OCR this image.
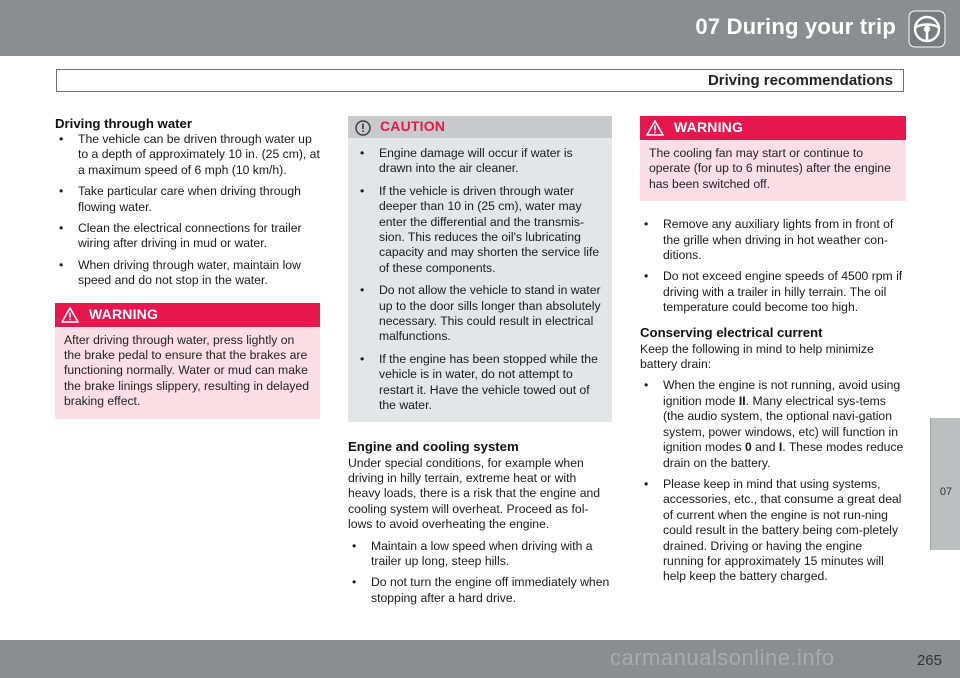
07 During your trip
Driving recommendations
Driving through water
• The vehicle can be driven through water up to a depth of approximately 10 in. (25 cm), at a maximum speed of 6 mph (10 km/h).
• Take particular care when driving through flowing water.
• Clean the electrical connections for trailer wiring after driving in mud or water.
• When driving through water, maintain low speed and do not stop in the water.
WARNING
After driving through water, press lightly on the brake pedal to ensure that the brakes are functioning normally. Water or mud can make the brake linings slippery, resulting in delayed braking effect.
CAUTION
• Engine damage will occur if water is drawn into the air cleaner.
• If the vehicle is driven through water deeper than 10 in (25 cm), water may enter the differential and the transmis-sion. This reduces the oil's lubricating capacity and may shorten the service life of these components.
• Do not allow the vehicle to stand in water up to the door sills longer than absolutely necessary. This could result in electrical malfunctions.
• If the engine has been stopped while the vehicle is in water, do not attempt to restart it. Have the vehicle towed out of the water.
Engine and cooling system

Under special conditions, for example when driving in hilly terrain, extreme heat or with heavy loads, there is a risk that the engine and cooling system will overheat. Proceed as fol-lows to avoid overheating the engine.

• Maintain a low speed when driving with a trailer up long, steep hills.
• Do not turn the engine off immediately when stopping after a hard drive.
WARNING
The cooling fan may start or continue to operate (for up to 6 minutes) after the engine has been switched off.
• Remove any auxiliary lights from in front of the grille when driving in hot weather con-ditions.
• Do not exceed engine speeds of 4500 rpm if driving with a trailer in hilly terrain. The oil temperature could become too high.
Conserving electrical current

Keep the following in mind to help minimize battery drain:

• When the engine is not running, avoid using ignition mode II. Many electrical sys-tems (the audio system, the optional navi-gation system, power windows, etc) will function in ignition modes 0 and I. These modes reduce drain on the battery.
• Please keep in mind that using systems, accessories, etc., that consume a great deal of current when the engine is not run-ning could result in the battery being com-pletely drained. Driving or having the engine running for approximately 15 minutes will help keep the battery charged.
07
265
carmanualsonline.info
